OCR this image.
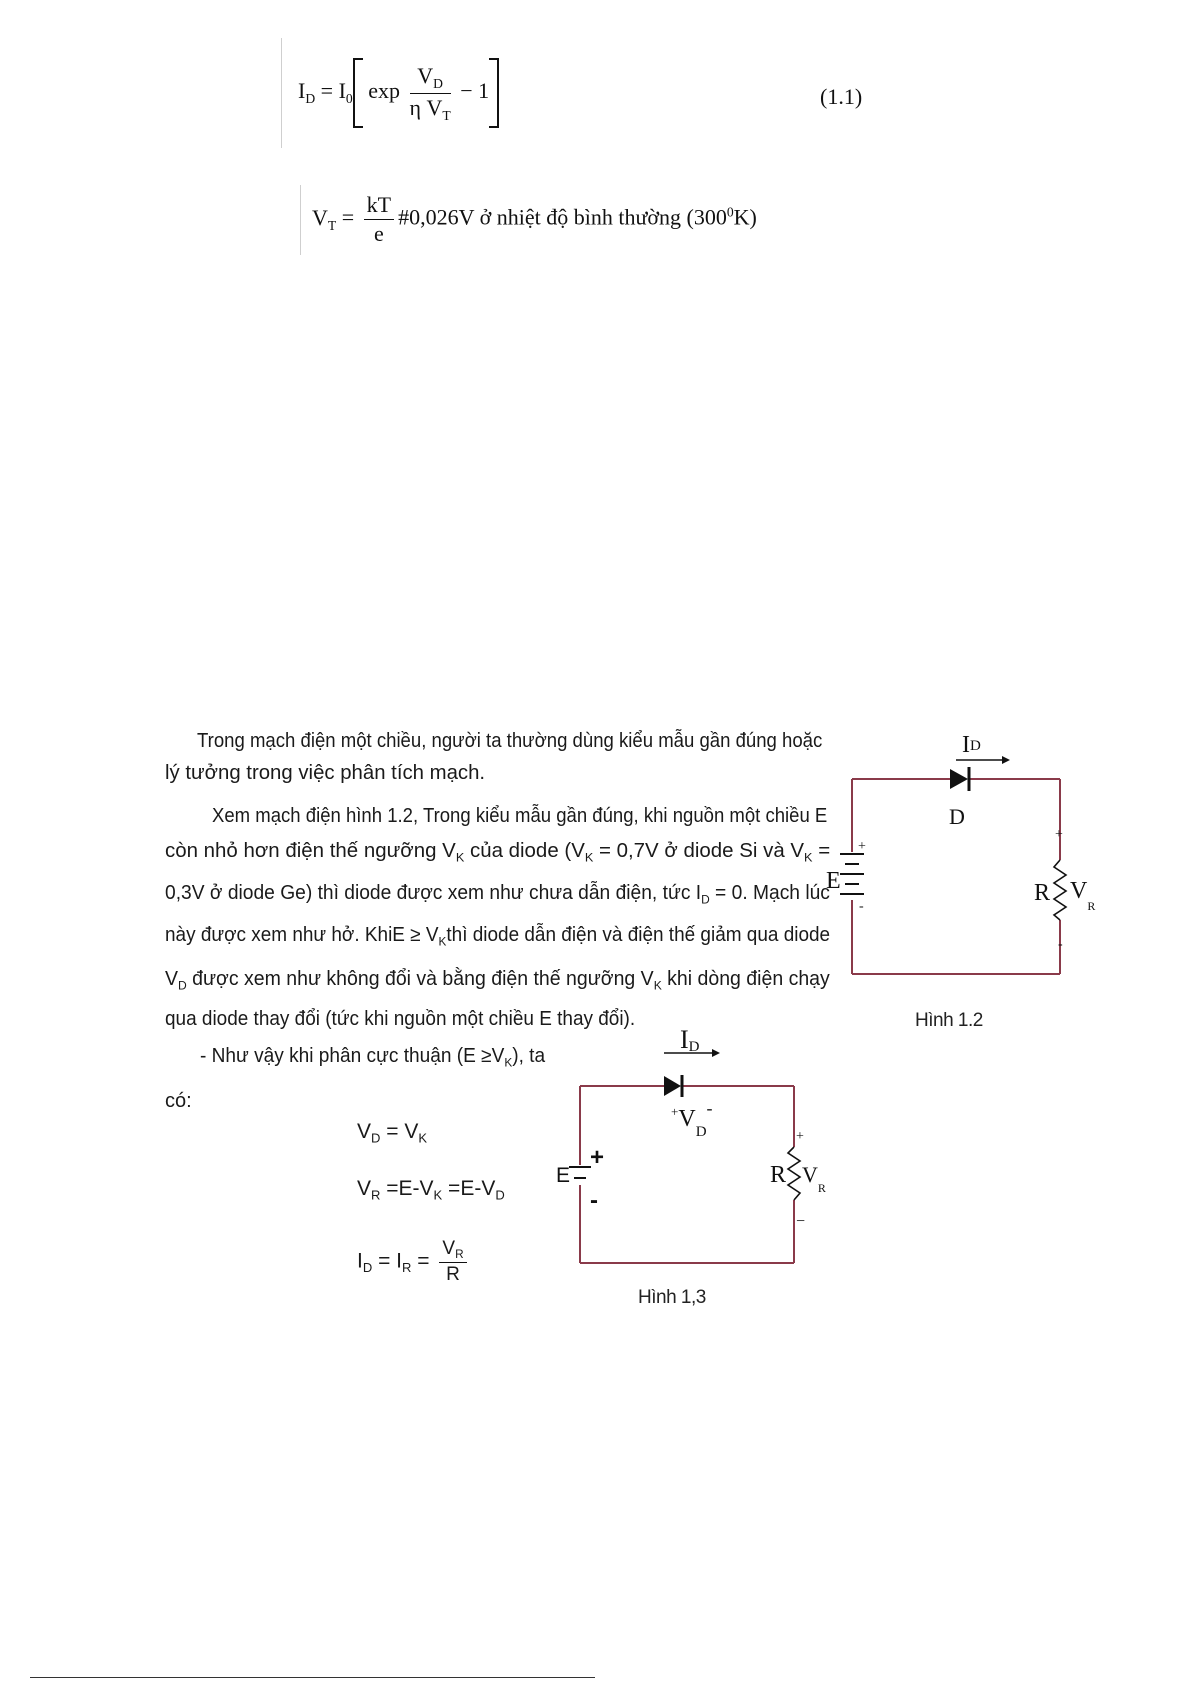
$I_D = I_0$ $\exp \frac{V_D}{\eta V_T} - 1$	(1.1)
$V_T = \frac{kT}{e}$ #0,026V ở nhiệt độ bình thường $(300^0K)$
Trong mạch điện một chiều, người ta thường dùng kiểu mẫu gần đúng hoặc
lý tưởng trong việc phân tích mạch.
Xem mạch điện hình 1.2, Trong kiểu mẫu gần đúng, khi nguồn một chiều E
còn nhỏ hơn điện thế ngưỡng $V_K$ của diode ($V_K = 0,7V$ ở diode Si và $V_K$ =
0,3V ở diode Ge) thì diode được xem như chưa dẫn điện, tức $I_D = 0$. Mạch lúc
này được xem như hở. KhiE ≥ $V_Kthì$ diode dẫn điện và điện thế giảm qua diode
$V_D$ được xem như không đổi và bằng điện thế ngưỡng $V_K$ khi dòng điện chạy
qua diode thay đổi (tức khi nguồn một chiều E thay đổi).
- Như vậy khi phân cực thuận $(E \ge V_K)$, ta
có:
$V_D = V_K$
$V_R =E-V_K =E-V_D$
$I_D = I_R = \frac{V_R}{R}$
ID
D
E
+
-
R $V_R$
+
-
Hình 1.2
ID
$^+V_D^-$
E
+
-
R $V_R$
+
−
Hình 1,3
